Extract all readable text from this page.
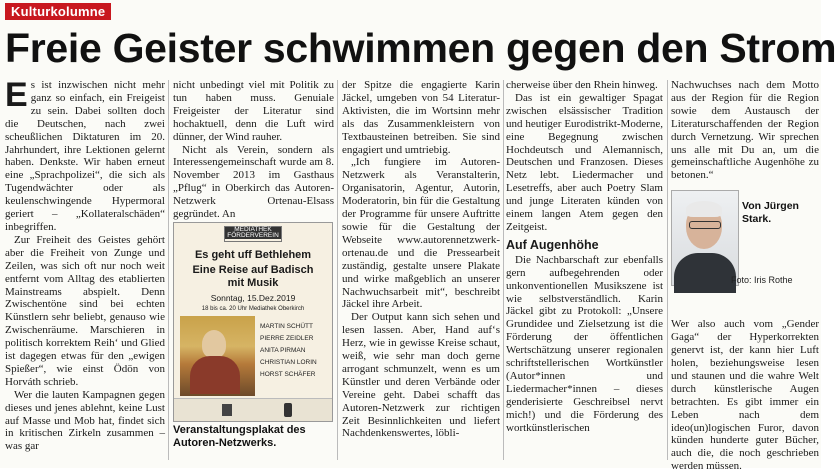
Kulturkolumne
Freie Geister schwimmen gegen den Strom

Es ist inzwischen nicht mehr ganz so einfach, ein Freigeist zu sein. Dabei sollten doch die Deutschen, nach zwei scheußlichen Diktaturen im 20. Jahrhundert, ihre Lektionen gelernt haben. Denkste. Wir haben erneut eine „Sprachpolizei“, die sich als Tugendwächter oder als keulenschwingende Hypermoral geriert – „Kollateralschäden“ inbegriffen.

Zur Freiheit des Geistes gehört aber die Freiheit von Zunge und Zeilen, was sich oft nur noch weit entfernt vom Alltag des etablierten Mainstreams abspielt. Denn Zwischentöne sind bei echten Künstlern sehr beliebt, genauso wie Zwischenräume. Marschieren in politisch korrektem Reih‘ und Glied ist dagegen etwas für den „ewigen Spießer“, wie einst Ödön von Horváth schrieb.

Wer die lauten Kampagnen gegen dieses und jenes ablehnt, keine Lust auf Masse und Mob hat, findet sich in kritischen Zirkeln zusammen – was gar

nicht unbedingt viel mit Politik zu tun haben muss. Genuiale Freigeister der Literatur sind hochaktuell, denn die Luft wird dünner, der Wind rauher.

Nicht als Verein, sondern als Interessengemeinschaft wurde am 8. November 2013 im Gasthaus „Pflug“ in Oberkirch das Autoren-Netzwerk Ortenau-Elsass gegründet. An

MEDIATHEK
FÖRDERVEREIN
Es geht uff Bethlehem
Eine Reise auf Badisch
mit Musik
Sonntag, 15.Dez.2019
18 bis ca. 20 Uhr Mediathek Oberkirch
MARTIN SCHÜTT
PIERRE ZEIDLER
ANITA PIRMAN
CHRISTIAN LORIN
HORST SCHÄFER
Veranstaltungsplakat des Autoren-Netzwerks.

der Spitze die engagierte Karin Jäckel, umgeben von 54 Literatur-Aktivisten, die im Wortsinn mehr als das Zusammenkleistern von Textbausteinen betreiben. Sie sind engagiert und umtriebig.

„Ich fungiere im Autoren-Netzwerk als Veranstalterin, Organisatorin, Agentur, Autorin, Moderatorin, bin für die Gestaltung der Programme für unsere Auftritte sowie für die Gestaltung der Webseite www.autorennetzwerk-ortenau.de und die Pressearbeit zuständig, gestalte unsere Plakate und wirke maßgeblich an unserer Nachwuchsarbeit mit“, beschreibt Jäckel ihre Arbeit.

Der Output kann sich sehen und lesen lassen. Aber, Hand auf‘s Herz, wie in gewisse Kreise schaut, weiß, wie sehr man doch gerne arrogant schmunzelt, wenn es um Künstler und deren Verbände oder Vereine geht. Dabei schafft das Autoren-Netzwerk zur richtigen Zeit Besinnlichkeiten und liefert Nachdenkenswertes, löbli-

cherweise über den Rhein hinweg.

Das ist ein gewaltiger Spagat zwischen elsässischer Tradition und heutiger Eurodistrikt-Moderne, eine Begegnung zwischen Hochdeutsch und Alemannisch, Deutschen und Franzosen. Dieses Netz lebt. Liedermacher und Lesetreffs, aber auch Poetry Slam und junge Literaten künden von einem langen Atem gegen den Zeitgeist.

Auf Augenhöhe

Die Nachbarschaft zur ebenfalls gern aufbegehrenden oder unkonventionellen Musikszene ist wie selbstverständlich. Karin Jäckel gibt zu Protokoll: „Unsere Grundidee und Zielsetzung ist die Förderung der öffentlichen Wertschätzung unserer regionalen schriftstellerischen Wortkünstler (Autor*innen und Liedermacher*innen – dieses genderisierte Geschreibsel nervt mich!) und die Förderung des wortkünstlerischen

Nachwuchses nach dem Motto aus der Region für die Region sowie dem Austausch der Literaturschaffenden der Region durch Vernetzung. Wir sprechen uns alle mit Du an, um die gemeinschaftliche Augenhöhe zu betonen.“

Wer also auch vom „Gender Gaga“ der Hyperkorrekten genervt ist, der kann hier Luft holen, beziehungsweise lesen und staunen und die wahre Welt durch künstlerische Augen betrachten. Es gibt immer ein Leben nach dem ideo(un)logischen Furor, davon künden hunderte guter Bücher, auch die, die noch geschrieben werden müssen.

Von Jürgen Stark.
Foto: Iris Rothe
